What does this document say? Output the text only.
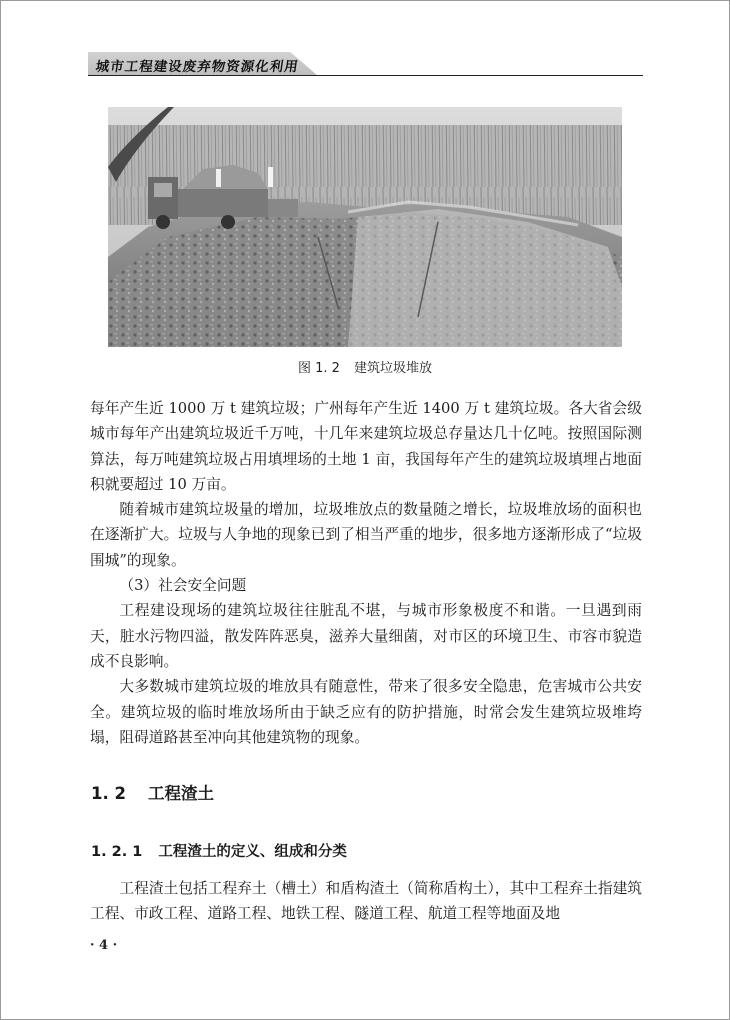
城市工程建设废弃物资源化利用
图 1. 2 建筑垃圾堆放

每年产生近 1000 万 t 建筑垃圾；广州每年产生近 1400 万 t 建筑垃圾。各大省会级城市每年产出建筑垃圾近千万吨，十几年来建筑垃圾总存量达几十亿吨。按照国际测算法，每万吨建筑垃圾占用填埋场的土地 1 亩，我国每年产生的建筑垃圾填埋占地面积就要超过 10 万亩。

随着城市建筑垃圾量的增加，垃圾堆放点的数量随之增长，垃圾堆放场的面积也在逐渐扩大。垃圾与人争地的现象已到了相当严重的地步，很多地方逐渐形成了“垃圾围城”的现象。

（3）社会安全问题

工程建设现场的建筑垃圾往往脏乱不堪，与城市形象极度不和谐。一旦遇到雨天，脏水污物四溢，散发阵阵恶臭，滋养大量细菌，对市区的环境卫生、市容市貌造成不良影响。

大多数城市建筑垃圾的堆放具有随意性，带来了很多安全隐患，危害城市公共安全。建筑垃圾的临时堆放场所由于缺乏应有的防护措施，时常会发生建筑垃圾堆垮塌，阻碍道路甚至冲向其他建筑物的现象。

1. 2 工程渣土
1. 2. 1 工程渣土的定义、组成和分类

工程渣土包括工程弃土（槽土）和盾构渣土（简称盾构土），其中工程弃土指建筑工程、市政工程、道路工程、地铁工程、隧道工程、航道工程等地面及地

· 4 ·
